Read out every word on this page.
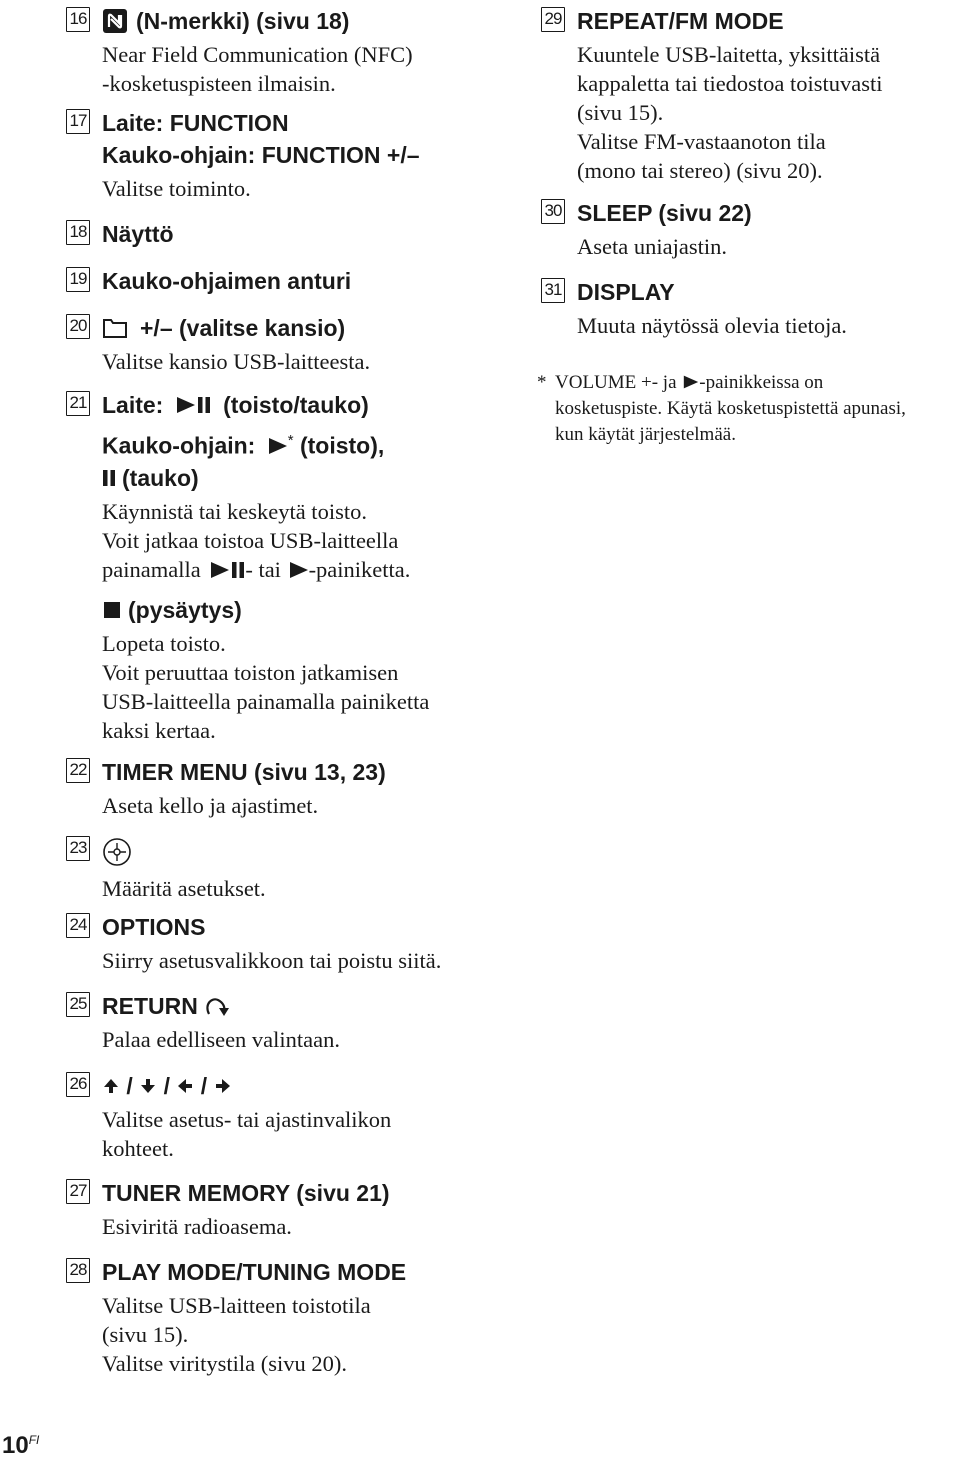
16	(N-merkki) (sivu 18)
Near Field Communication (NFC)
-kosketuspisteen ilmaisin.
17 Laite: FUNCTION
Kauko-ohjain: FUNCTION +/–
Valitse toiminto.
18 Näyttö
19 Kauko-ohjaimen anturi
20	+/– (valitse kansio)
Valitse kansio USB-laitteesta.
21 Laite:	(toisto/tauko)
Kauko-ohjain: * (toisto),
(tauko)
Käynnistä tai keskeytä toisto.
Voit jatkaa toistoa USB-laitteella
painamalla - tai -painiketta.
(pysäytys)
Lopeta toisto.
Voit peruuttaa toiston jatkamisen
USB-laitteella painamalla painiketta
kaksi kertaa.
22 TIMER MENU (sivu 13, 23)
Aseta kello ja ajastimet.
23
Määritä asetukset.
24 OPTIONS
Siirry asetusvalikkoon tai poistu siitä.
25 RETURN
Palaa edelliseen valintaan.
26	/ / /
Valitse asetus- tai ajastinvalikon
kohteet.
27 TUNER MEMORY (sivu 21)
Esiviritä radioasema.
28 PLAY MODE/TUNING MODE
Valitse USB-laitteen toistotila
(sivu 15).
Valitse viritystila (sivu 20).
29 REPEAT/FM MODE
Kuuntele USB-laitetta, yksittäistä
kappaletta tai tiedostoa toistuvasti
(sivu 15).
Valitse FM-vastaanoton tila
(mono tai stereo) (sivu 20).
30 SLEEP (sivu 22)
Aseta uniajastin.
31 DISPLAY
Muuta näytössä olevia tietoja.
* VOLUME +- ja -painikkeissa on
kosketuspiste. Käytä kosketuspistettä apunasi,
kun käytät järjestelmää.
$10^{FI}$
